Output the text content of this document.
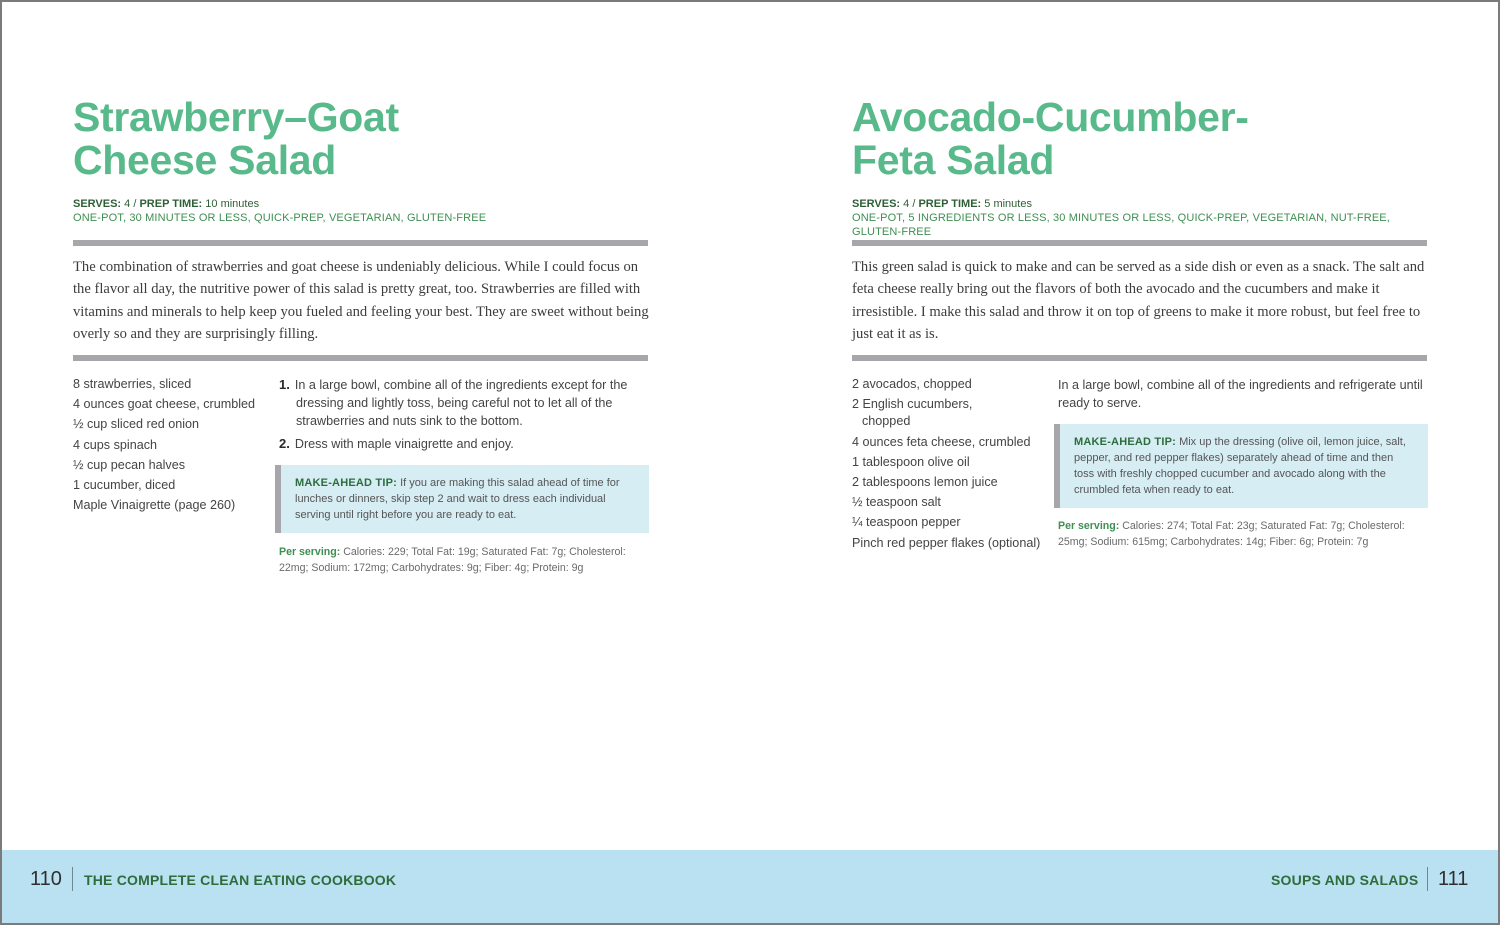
Strawberry–Goat
Cheese Salad
SERVES: 4 / PREP TIME: 10 minutes
ONE-POT, 30 MINUTES OR LESS, QUICK-PREP, VEGETARIAN, GLUTEN-FREE

The combination of strawberries and goat cheese is undeniably delicious. While I could focus on the flavor all day, the nutritive power of this salad is pretty great, too. Strawberries are filled with vitamins and minerals to help keep you fueled and feeling your best. They are sweet without being overly so and they are surprisingly filling.

8 strawberries, sliced
4 ounces goat cheese, crumbled
½ cup sliced red onion
4 cups spinach
½ cup pecan halves
1 cucumber, diced
Maple Vinaigrette (page 260)
1. In a large bowl, combine all of the ingredients except for the dressing and lightly toss, being careful not to let all of the strawberries and nuts sink to the bottom.
2. Dress with maple vinaigrette and enjoy.
MAKE-AHEAD TIP: If you are making this salad ahead of time for lunches or dinners, skip step 2 and wait to dress each individual serving until right before you are ready to eat.
Per serving: Calories: 229; Total Fat: 19g; Saturated Fat: 7g; Cholesterol: 22mg; Sodium: 172mg; Carbohydrates: 9g; Fiber: 4g; Protein: 9g
Avocado-Cucumber-
Feta Salad
SERVES: 4 / PREP TIME: 5 minutes
ONE-POT, 5 INGREDIENTS OR LESS, 30 MINUTES OR LESS, QUICK-PREP, VEGETARIAN, NUT-FREE, GLUTEN-FREE

This green salad is quick to make and can be served as a side dish or even as a snack. The salt and feta cheese really bring out the flavors of both the avocado and the cucumbers and make it irresistible. I make this salad and throw it on top of greens to make it more robust, but feel free to just eat it as is.

2 avocados, chopped
2 English cucumbers, chopped
4 ounces feta cheese, crumbled
1 tablespoon olive oil
2 tablespoons lemon juice
½ teaspoon salt
¼ teaspoon pepper
Pinch red pepper flakes (optional)

In a large bowl, combine all of the ingredients and refrigerate until ready to serve.

MAKE-AHEAD TIP: Mix up the dressing (olive oil, lemon juice, salt, pepper, and red pepper flakes) separately ahead of time and then toss with freshly chopped cucumber and avocado along with the crumbled feta when ready to eat.
Per serving: Calories: 274; Total Fat: 23g; Saturated Fat: 7g; Cholesterol: 25mg; Sodium: 615mg; Carbohydrates: 14g; Fiber: 6g; Protein: 7g
110 THE COMPLETE CLEAN EATING COOKBOOK	SOUPS AND SALADS 111
